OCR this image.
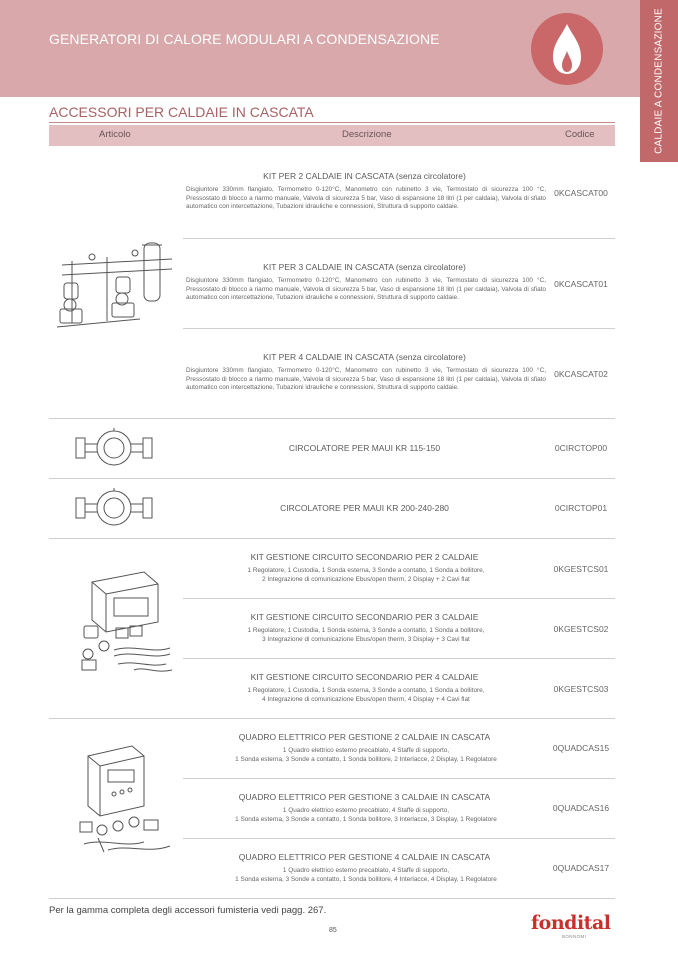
GENERATORI DI CALORE MODULARI A CONDENSAZIONE	CALDAIE A CONDENSAZIONE
ACCESSORI PER CALDAIE IN CASCATA
Articolo	Descrizione	Codice
KIT PER 2 CALDAIE IN CASCATA (senza circolatore)
Disgiuntore 330mm flangiato, Termometro 0-120°C, Manometro con rubinetto 3 vie, Termostato di sicurezza 100 °C, Pressostato di blocco a riarmo manuale, Valvola di sicurezza 5 bar, Vaso di espansione 18 litri (1 per caldaia), Valvola di sfiato automatico con intercettazione, Tubazioni idrauliche e connessioni, Struttura di supporto caldaie.
0KCASCAT00
KIT PER 3 CALDAIE IN CASCATA (senza circolatore)
Disgiuntore 330mm flangiato, Termometro 0-120°C, Manometro con rubinetto 3 vie, Termostato di sicurezza 100 °C, Pressostato di blocco a riarmo manuale, Valvola di sicurezza 5 bar, Vaso di espansione 18 litri (1 per caldaia), Valvola di sfiato automatico con intercettazione, Tubazioni idrauliche e connessioni, Struttura di supporto caldaie.
0KCASCAT01
KIT PER 4 CALDAIE IN CASCATA (senza circolatore)
Disgiuntore 330mm flangiato, Termometro 0-120°C, Manometro con rubinetto 3 vie, Termostato di sicurezza 100 °C, Pressostato di blocco a riarmo manuale, Valvola di sicurezza 5 bar, Vaso di espansione 18 litri (1 per caldaia), Valvola di sfiato automatico con intercettazione, Tubazioni idrauliche e connessioni, Struttura di supporto caldaie.
0KCASCAT02
CIRCOLATORE PER MAUI KR 115-150	0CIRCTOP00
CIRCOLATORE PER MAUI KR 200-240-280	0CIRCTOP01
KIT GESTIONE CIRCUITO SECONDARIO PER 2 CALDAIE
1 Regolatore, 1 Custodia, 1 Sonda esterna, 3 Sonde a contatto, 1 Sonda a bollitore,
2 Integrazione di comunicazione Ebus/open therm, 2 Display + 2 Cavi flat
0KGESTCS01
KIT GESTIONE CIRCUITO SECONDARIO PER 3 CALDAIE
1 Regolatore, 1 Custodia, 1 Sonda esterna, 3 Sonde a contatto, 1 Sonda a bollitore,
3 Integrazione di comunicazione Ebus/open therm, 3 Display + 3 Cavi flat
0KGESTCS02
KIT GESTIONE CIRCUITO SECONDARIO PER 4 CALDAIE
1 Regolatore, 1 Custodia, 1 Sonda esterna, 3 Sonde a contatto, 1 Sonda a bollitore,
4 Integrazione di comunicazione Ebus/open therm, 4 Display + 4 Cavi flat
0KGESTCS03
QUADRO ELETTRICO PER GESTIONE 2 CALDAIE IN CASCATA
1 Quadro elettrico esterno precablato, 4 Staffe di supporto,
1 Sonda esterna, 3 Sonde a contatto, 1 Sonda bollitore, 2 Interlacce, 2 Display, 1 Regolatore
0QUADCAS15
QUADRO ELETTRICO PER GESTIONE 3 CALDAIE IN CASCATA
1 Quadro elettrico esterno precablato, 4 Staffe di supporto,
1 Sonda esterna, 3 Sonde a contatto, 1 Sonda bollitore, 3 Interlacce, 3 Display, 1 Regolatore
0QUADCAS16
QUADRO ELETTRICO PER GESTIONE 4 CALDAIE IN CASCATA
1 Quadro elettrico esterno precablato, 4 Staffe di supporto,
1 Sonda esterna, 3 Sonde a contatto, 1 Sonda bollitore, 4 Interlacce, 4 Display, 1 Regolatore
0QUADCAS17
Per la gamma completa degli accessori fumisteria vedi pagg. 267.
85	fondital
BONNOMI
